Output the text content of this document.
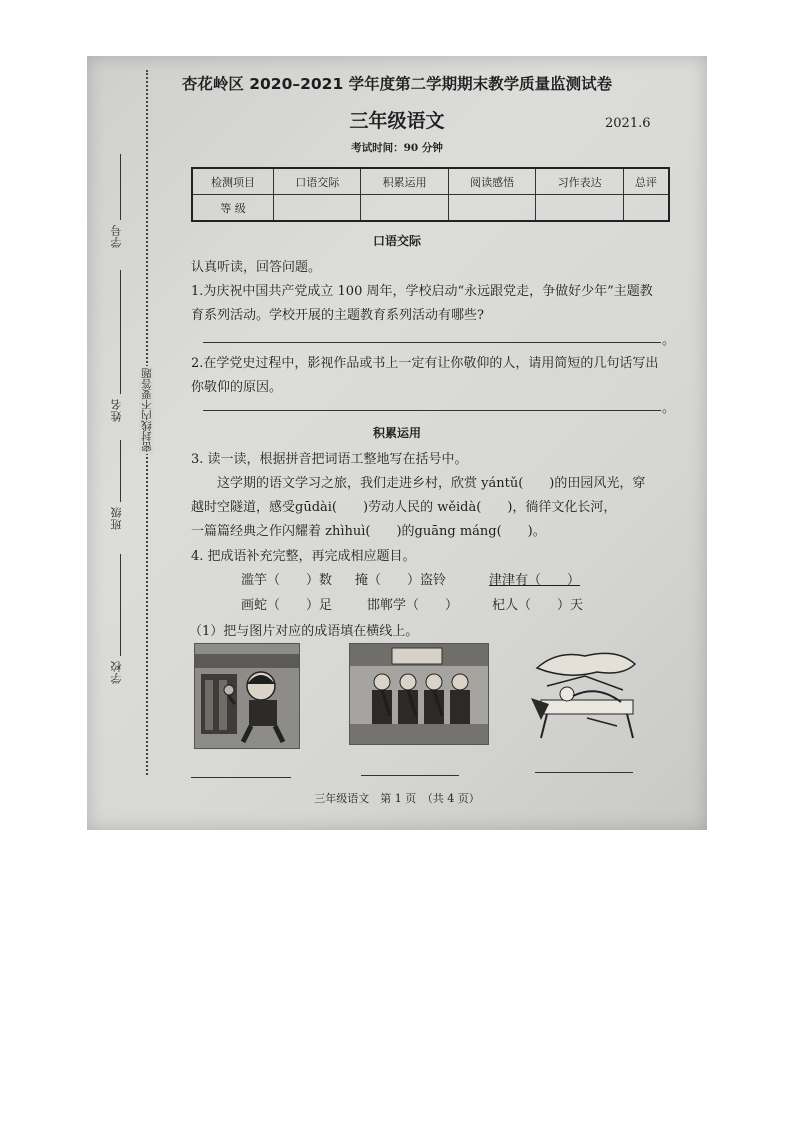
学号
姓名
班级
学校
密封线内不要答题
杏花岭区 2020–2021 学年度第二学期期末教学质量监测试卷
三年级语文	2021.6
考试时间：90 分钟
检测项目	口语交际	积累运用	阅读感悟	习作表达	总评
等 级					
口语交际
认真听读，回答问题。
1.为庆祝中国共产党成立 100 周年，学校启动“永远跟党走，争做好少年”主题教
育系列活动。学校开展的主题教育系列活动有哪些?
。
2.在学党史过程中，影视作品或书上一定有让你敬仰的人，请用简短的几句话写出
你敬仰的原因。
。
积累运用
3. 读一读，根据拼音把词语工整地写在括号中。
这学期的语文学习之旅，我们走进乡村，欣赏 yántǔ(　　)的田园风光，穿
越时空隧道，感受gūdài(　　)劳动人民的 wěidà(　　)，徜徉文化长河，
一篇篇经典之作闪耀着 zhìhuì(　　)的guāng máng(　　)。
4. 把成语补充完整，再完成相应题目。
滥竽（　　）数 掩（　　）盗铃	津津有（　　）
画蛇（　　）足	邯郸学（　　）	杞人（　　）天
（1）把与图片对应的成语填在横线上。
三年级语文　第 1 页　（共 4 页）
